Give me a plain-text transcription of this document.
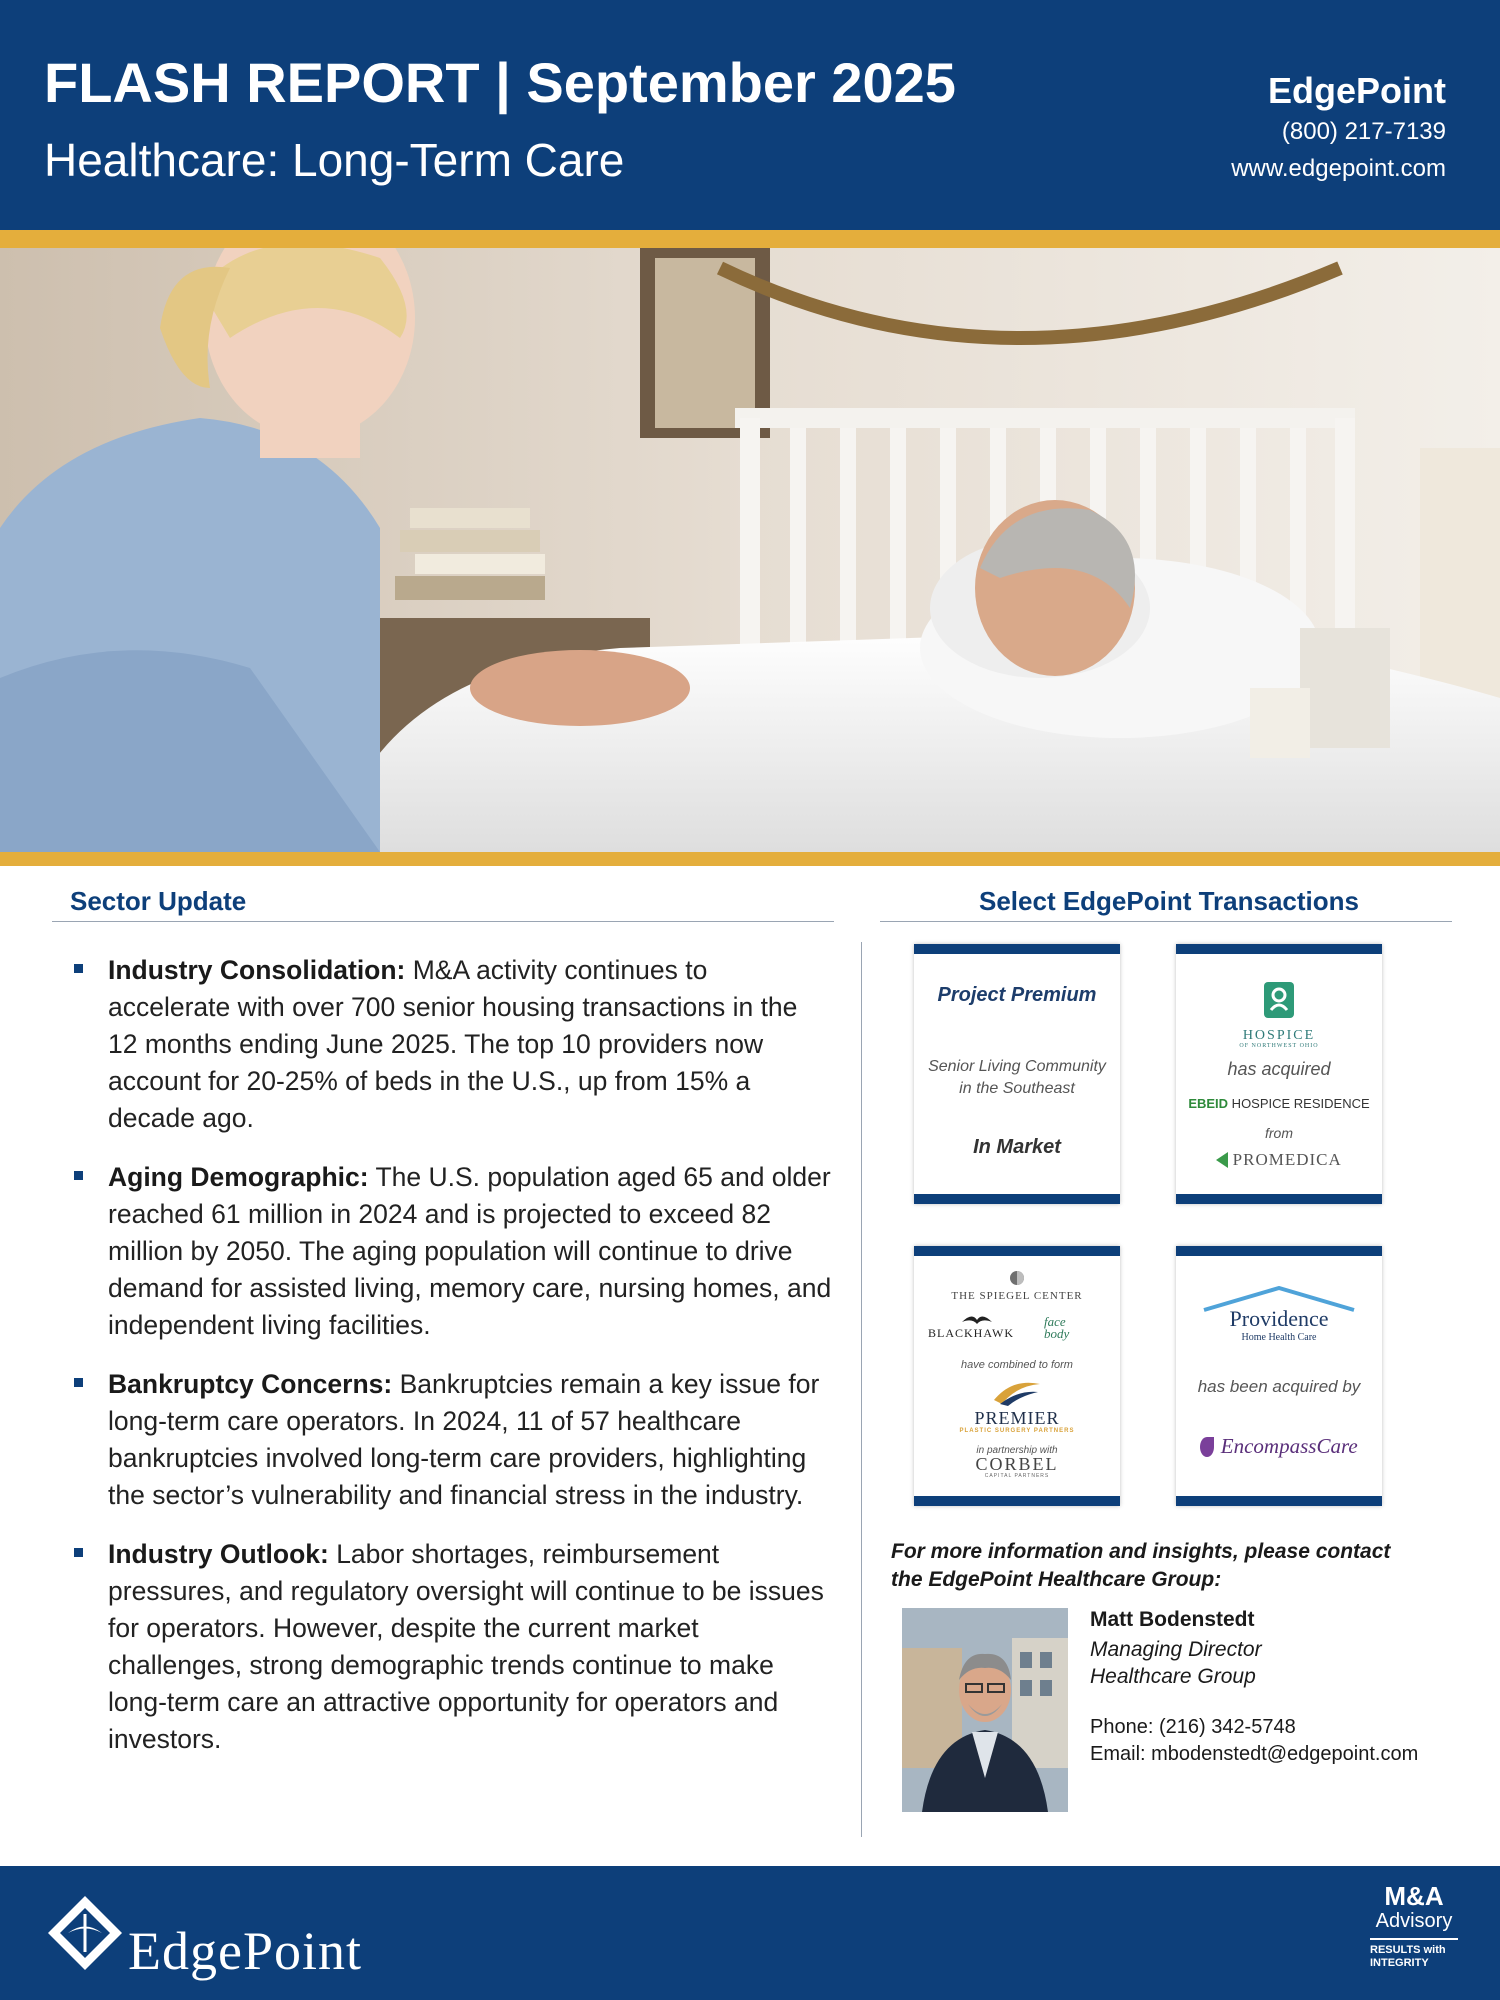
FLASH REPORT | September 2025
Healthcare: Long-Term Care
EdgePoint
(800) 217-7139
www.edgepoint.com
Sector Update
Industry Consolidation: M&A activity continues to accelerate with over 700 senior housing transactions in the 12 months ending June 2025. The top 10 providers now account for 20-25% of beds in the U.S., up from 15% a decade ago.
Aging Demographic: The U.S. population aged 65 and older reached 61 million in 2024 and is projected to exceed 82 million by 2050. The aging population will continue to drive demand for assisted living, memory care, nursing homes, and independent living facilities.
Bankruptcy Concerns: Bankruptcies remain a key issue for long-term care operators. In 2024, 11 of 57 healthcare bankruptcies involved long-term care providers, highlighting the sector’s vulnerability and financial stress in the industry.
Industry Outlook: Labor shortages, reimbursement pressures, and regulatory oversight will continue to be issues for operators. However, despite the current market challenges, strong demographic trends continue to make long-term care an attractive opportunity for operators and investors.
Select EdgePoint Transactions
Project Premium
Senior Living Community
in the Southeast
In Market
HOSPICE
OF NORTHWEST OHIO
has acquired
EBEID HOSPICE RESIDENCE
from
PROMEDICA
THE SPIEGEL CENTER
BLACKHAWK
face
body
have combined to form
PREMIER
PLASTIC SURGERY PARTNERS
in partnership with
CORBEL
CAPITAL PARTNERS
Providence
Home Health Care
has been acquired by
EncompassCare
For more information and insights, please contact
the EdgePoint Healthcare Group:
Matt Bodenstedt
Managing Director
Healthcare Group
Phone: (216) 342-5748
Email: mbodenstedt@edgepoint.com
EdgePoint
M&A
Advisory
RESULTS with
INTEGRITY
